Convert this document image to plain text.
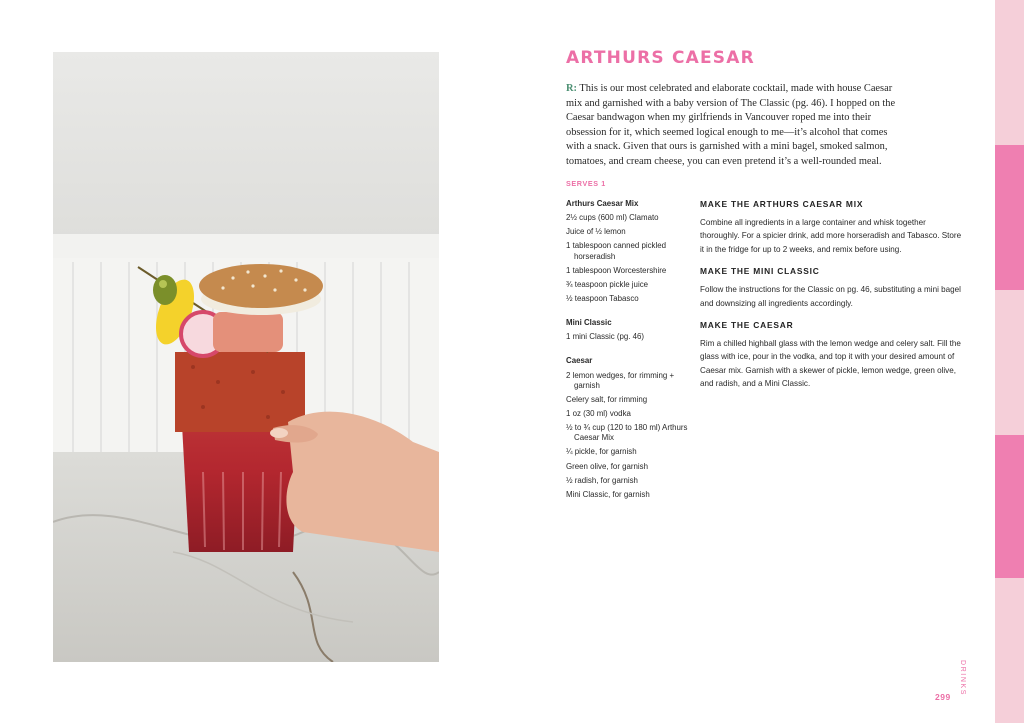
ARTHURS CAESAR

R: This is our most celebrated and elaborate cocktail, made with house Caesar mix and garnished with a baby version of The Classic (pg. 46). I hopped on the Caesar bandwagon when my girlfriends in Vancouver roped me into their obsession for it, which seemed logical enough to me—it’s alcohol that comes with a snack. Given that ours is garnished with a mini bagel, smoked salmon, tomatoes, and cream cheese, you can even pretend it’s a well-rounded meal.

SERVES 1

Arthurs Caesar Mix
2½ cups (600 ml) Clamato
Juice of ½ lemon
1 tablespoon canned pickled horseradish
1 tablespoon Worcestershire
¾ teaspoon pickle juice
½ teaspoon Tabasco
Mini Classic
1 mini Classic (pg. 46)
Caesar
2 lemon wedges, for rimming + garnish
Celery salt, for rimming
1 oz (30 ml) vodka
½ to ¾ cup (120 to 180 ml) Arthurs Caesar Mix
¼ pickle, for garnish
Green olive, for garnish
½ radish, for garnish
Mini Classic, for garnish
MAKE THE ARTHURS CAESAR MIX

Combine all ingredients in a large container and whisk together thoroughly. For a spicier drink, add more horseradish and Tabasco. Store it in the fridge for up to 2 weeks, and remix before using.

MAKE THE MINI CLASSIC

Follow the instructions for the Classic on pg. 46, substituting a mini bagel and downsizing all ingredients accordingly.

MAKE THE CAESAR

Rim a chilled highball glass with the lemon wedge and celery salt. Fill the glass with ice, pour in the vodka, and top it with your desired amount of Caesar mix. Garnish with a skewer of pickle, lemon wedge, green olive, and radish, and a Mini Classic.

DRINKS
299
